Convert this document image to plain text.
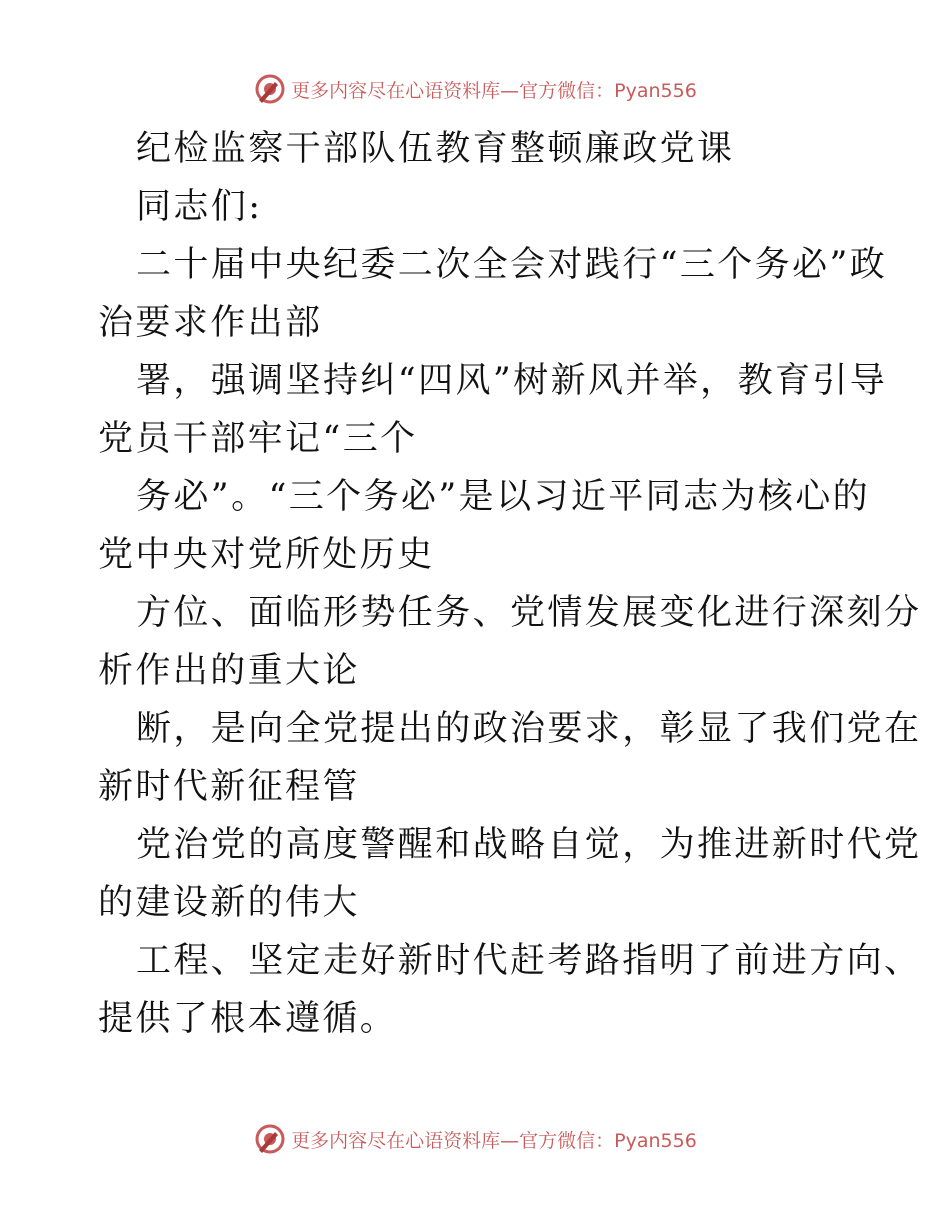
更多内容尽在心语资料库—官方微信：Pyan556
纪检监察干部队伍教育整顿廉政党课
同志们:
二十届中央纪委二次全会对践行“三个务必”政
治要求作出部
署，强调坚持纠“四风”树新风并举，教育引导
党员干部牢记“三个
务必”。“三个务必”是以习近平同志为核心的
党中央对党所处历史
方位、面临形势任务、党情发展变化进行深刻分
析作出的重大论
断，是向全党提出的政治要求，彰显了我们党在
新时代新征程管
党治党的高度警醒和战略自觉，为推进新时代党
的建设新的伟大
工程、坚定走好新时代赶考路指明了前进方向、
提供了根本遵循。
更多内容尽在心语资料库—官方微信：Pyan556
